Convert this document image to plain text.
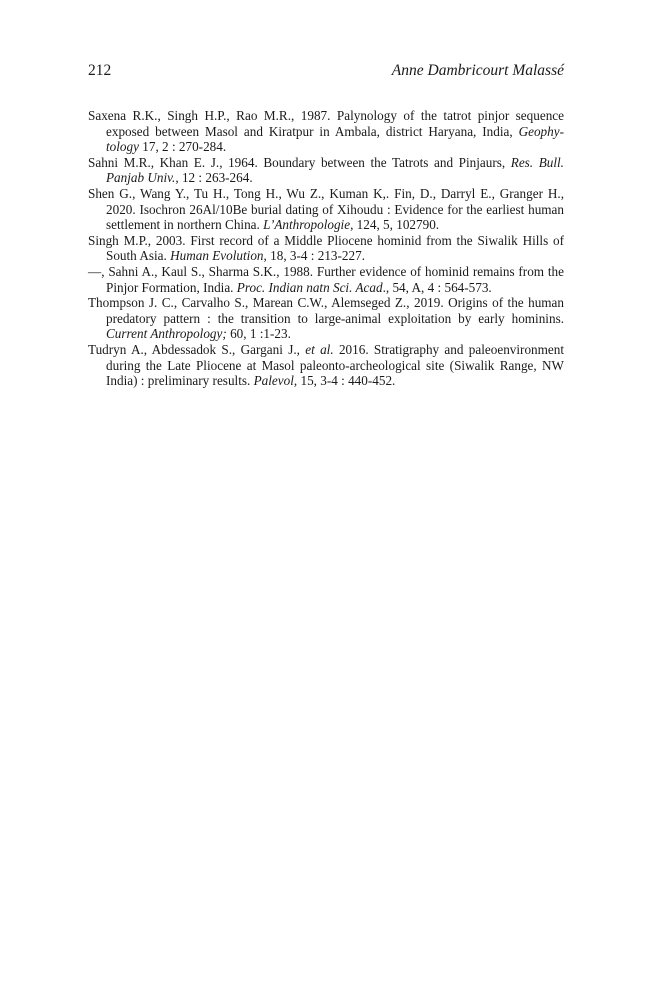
212	Anne Dambricourt Malassé
Saxena R.K., Singh H.P., Rao M.R., 1987. Palynology of the tatrot pinjor sequence exposed between Masol and Kiratpur in Ambala, district Haryana, India, Geophytology 17, 2 : 270-284.
Sahni M.R., Khan E. J., 1964. Boundary between the Tatrots and Pinjaurs, Res. Bull. Panjab Univ., 12 : 263-264.
Shen G., Wang Y., Tu H., Tong H., Wu Z., Kuman K,. Fin, D., Darryl E., Granger H., 2020. Isochron 26Al/10Be burial dating of Xihoudu : Evidence for the earliest human settlement in northern China. L’Anthropologie, 124, 5, 102790.
Singh M.P., 2003. First record of a Middle Pliocene hominid from the Siwalik Hills of South Asia. Human Evolution, 18, 3-4 : 213-227.
—, Sahni A., Kaul S., Sharma S.K., 1988. Further evidence of hominid remains from the Pinjor Formation, India. Proc. Indian natn Sci. Acad., 54, A, 4 : 564-573.
Thompson J. C., Carvalho S., Marean C.W., Alemseged Z., 2019. Origins of the human predatory pattern : the transition to large-animal exploitation by early hominins. Current Anthropology; 60, 1 :1-23.
Tudryn A., Abdessadok S., Gargani J., et al. 2016. Stratigraphy and paleoenvironment during the Late Pliocene at Masol paleonto-archeological site (Siwalik Range, NW India) : preliminary results. Palevol, 15, 3-4 : 440-452.
